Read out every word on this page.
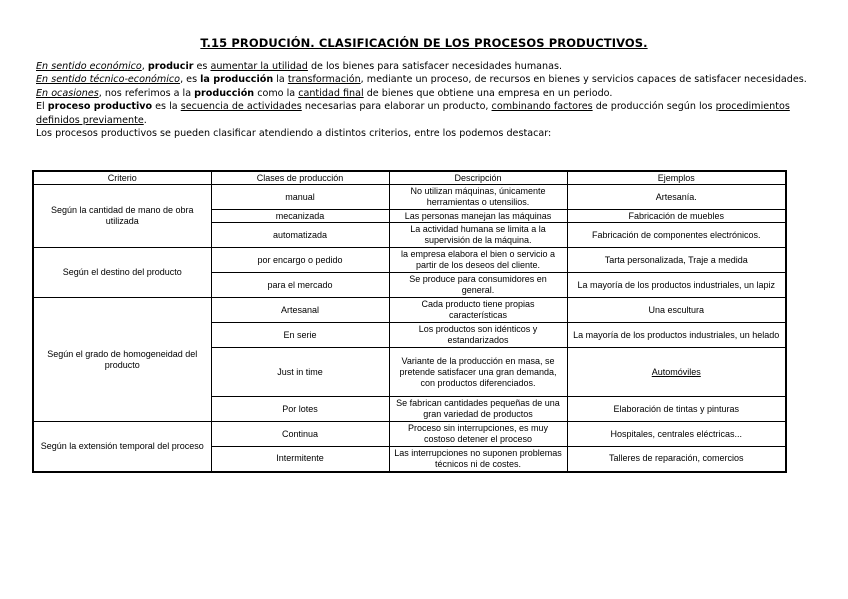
T.15 PRODUCIÓN. CLASIFICACIÓN DE LOS PROCESOS PRODUCTIVOS.

En sentido económico, producir es aumentar la utilidad de los bienes para satisfacer necesidades humanas.

En sentido técnico-económico, es la producción la transformación, mediante un proceso, de recursos en bienes y servicios capaces de satisfacer necesidades.

En ocasiones, nos referimos a la producción como la cantidad final de bienes que obtiene una empresa en un periodo.

El proceso productivo es la secuencia de actividades necesarias para elaborar un producto, combinando factores de producción según los procedimientos definidos previamente.

Los procesos productivos se pueden clasificar atendiendo a distintos criterios, entre los podemos destacar:

Criterio	Clases de producción	Descripción	Ejemplos
Según la cantidad de mano de obra utilizada	manual	No utilizan máquinas, únicamente herramientas o utensilios.	Artesanía.
	mecanizada	Las personas manejan las máquinas	Fabricación de muebles
	automatizada	La actividad humana se limita a la supervisión de la máquina.	Fabricación de componentes electrónicos.
Según el destino del producto	por encargo o pedido	la empresa elabora el bien o servicio a partir de los deseos del cliente.	Tarta personalizada, Traje a medida
	para el mercado	Se produce para consumidores en general.	La mayoría de los productos industriales, un lapiz
Según el grado de homogeneidad del producto	Artesanal	Cada producto tiene propias características	Una escultura
	En serie	Los productos son idénticos y estandarizados	La mayoría de los productos industriales, un helado
	Just in time	Variante de la producción en masa, se pretende satisfacer una gran demanda, con productos diferenciados.	Automóviles
	Por lotes	Se fabrican cantidades pequeñas de una gran variedad de productos	Elaboración de tintas y pinturas
Según la extensión temporal del proceso	Continua	Proceso sin interrupciones, es muy costoso detener el proceso	Hospitales, centrales eléctricas...
	Intermitente	Las interrupciones no suponen problemas técnicos ni de costes.	Talleres de reparación, comercios
